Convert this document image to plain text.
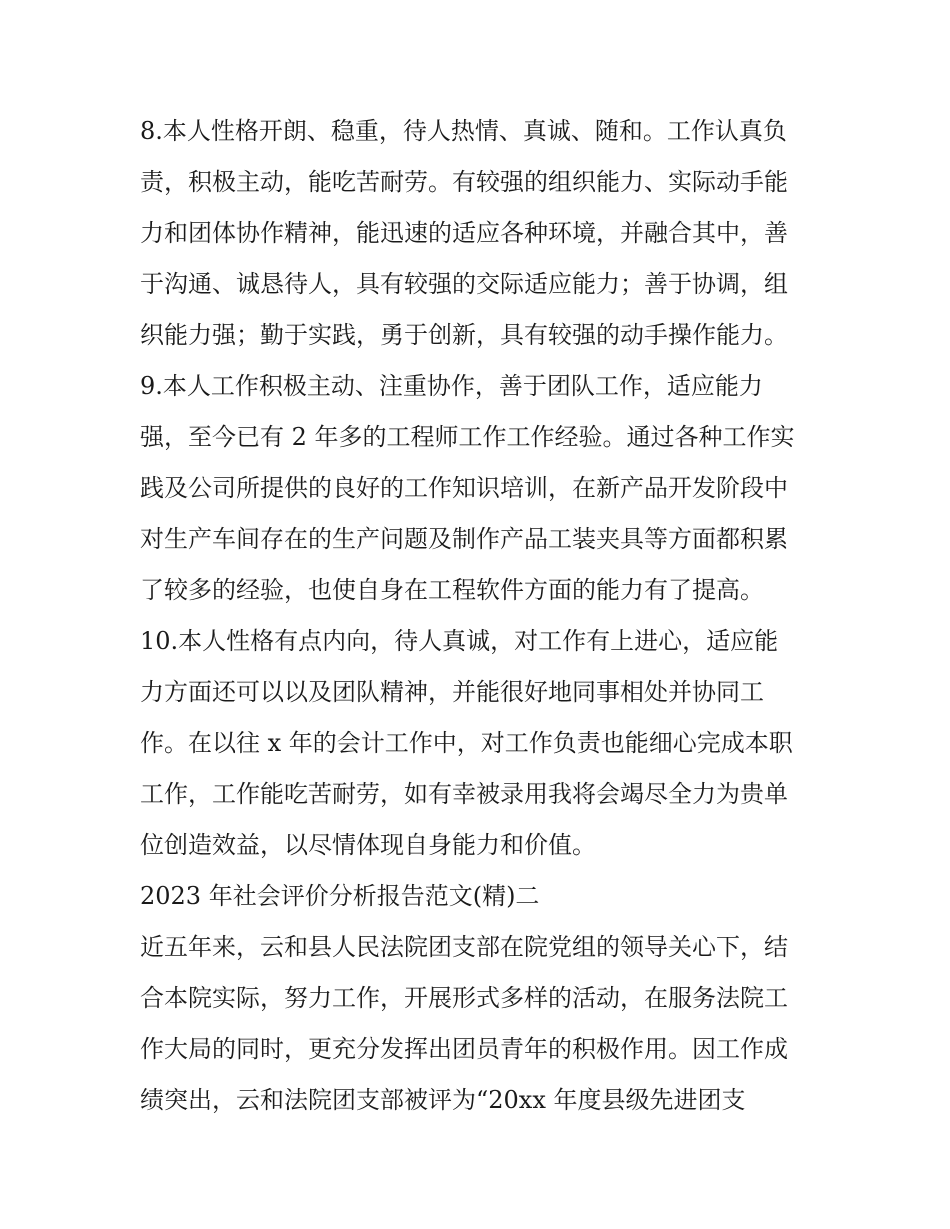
8.本人性格开朗、稳重，待人热情、真诚、随和。工作认真负
责，积极主动，能吃苦耐劳。有较强的组织能力、实际动手能
力和团体协作精神，能迅速的适应各种环境，并融合其中，善
于沟通、诚恳待人，具有较强的交际适应能力；善于协调，组
织能力强；勤于实践，勇于创新，具有较强的动手操作能力。
9.本人工作积极主动、注重协作，善于团队工作，适应能力
强，至今已有 2 年多的工程师工作工作经验。通过各种工作实
践及公司所提供的良好的工作知识培训，在新产品开发阶段中
对生产车间存在的生产问题及制作产品工装夹具等方面都积累
了较多的经验，也使自身在工程软件方面的能力有了提高。
10.本人性格有点内向，待人真诚，对工作有上进心，适应能
力方面还可以以及团队精神，并能很好地同事相处并协同工
作。在以往 x 年的会计工作中，对工作负责也能细心完成本职
工作，工作能吃苦耐劳，如有幸被录用我将会竭尽全力为贵单
位创造效益，以尽情体现自身能力和价值。
2023 年社会评价分析报告范文(精)二
近五年来，云和县人民法院团支部在院党组的领导关心下，结
合本院实际，努力工作，开展形式多样的活动，在服务法院工
作大局的同时，更充分发挥出团员青年的积极作用。因工作成
绩突出，云和法院团支部被评为“20xx 年度县级先进团支
